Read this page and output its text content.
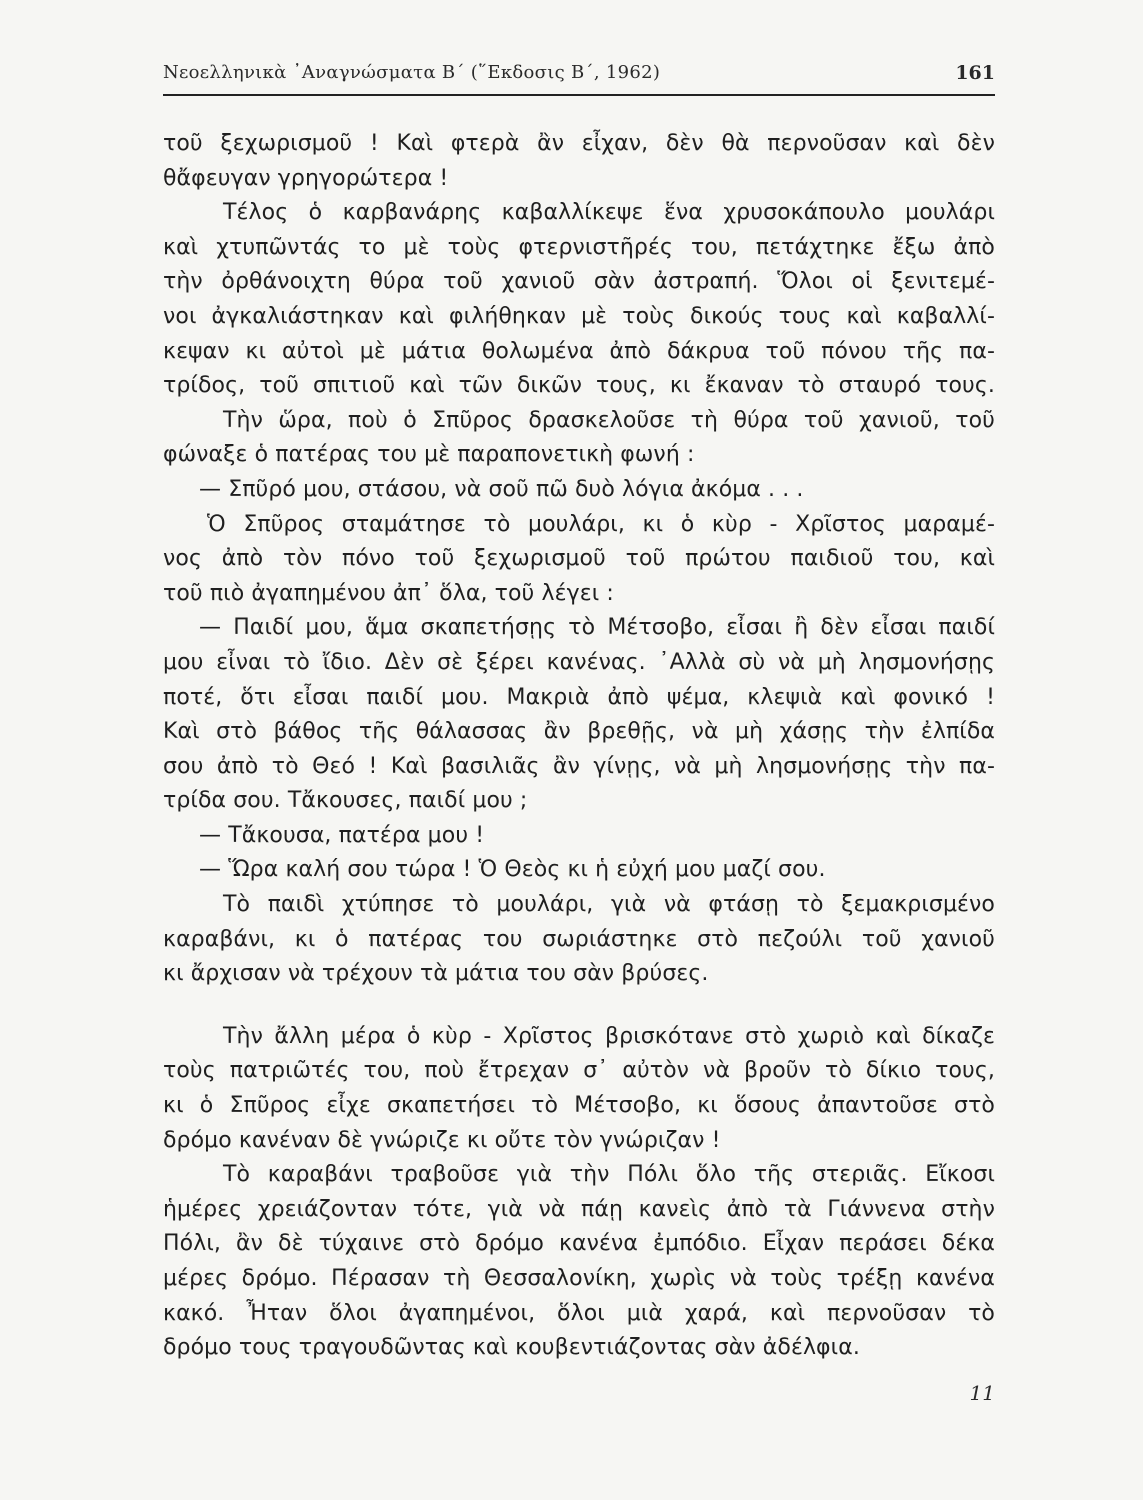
Νεοελληνικὰ ᾿Αναγνώσματα Β΄ (῞Εκδοσις Β΄, 1962)	161
τοῦ ξεχωρισμοῦ ! Καὶ φτερὰ ἂν εἶχαν, δὲν θὰ περνοῦσαν καὶ δὲν
θἄφευγαν γρηγορώτερα !
Τέλος ὁ καρβανάρης καβαλλίκεψε ἕνα χρυσοκάπουλο μουλάρι
καὶ χτυπῶντάς το μὲ τοὺς φτερνιστῆρές του, πετάχτηκε ἔξω ἀπὸ
τὴν ὀρθάνοιχτη θύρα τοῦ χανιοῦ σὰν ἀστραπή. Ὅλοι οἱ ξενιτεμέ-
νοι ἀγκαλιάστηκαν καὶ φιλήθηκαν μὲ τοὺς δικούς τους καὶ καβαλλί-
κεψαν κι αὐτοὶ μὲ μάτια θολωμένα ἀπὸ δάκρυα τοῦ πόνου τῆς πα-
τρίδος, τοῦ σπιτιοῦ καὶ τῶν δικῶν τους, κι ἔκαναν τὸ σταυρό τους.
Τὴν ὥρα, ποὺ ὁ Σπῦρος δρασκελοῦσε τὴ θύρα τοῦ χανιοῦ, τοῦ
φώναξε ὁ πατέρας του μὲ παραπονετικὴ φωνή :
— Σπῦρό μου, στάσου, νὰ σοῦ πῶ δυὸ λόγια ἀκόμα . . .
Ὁ Σπῦρος σταμάτησε τὸ μουλάρι, κι ὁ κὺρ - Χρῖστος μαραμέ-
νος ἀπὸ τὸν πόνο τοῦ ξεχωρισμοῦ τοῦ πρώτου παιδιοῦ του, καὶ
τοῦ πιὸ ἀγαπημένου ἀπ᾿ ὅλα, τοῦ λέγει :
— Παιδί μου, ἅμα σκαπετήσῃς τὸ Μέτσοβο, εἶσαι ἢ δὲν εἶσαι παιδί
μου εἶναι τὸ ἴδιο. Δὲν σὲ ξέρει κανένας. ᾿Αλλὰ σὺ νὰ μὴ λησμονήσῃς
ποτέ, ὅτι εἶσαι παιδί μου. Μακριὰ ἀπὸ ψέμα, κλεψιὰ καὶ φονικό !
Καὶ στὸ βάθος τῆς θάλασσας ἂν βρεθῇς, νὰ μὴ χάσῃς τὴν ἐλπίδα
σου ἀπὸ τὸ Θεό ! Καὶ βασιλιᾶς ἂν γίνῃς, νὰ μὴ λησμονήσῃς τὴν πα-
τρίδα σου. Τἄκουσες, παιδί μου ;
— Τἄκουσα, πατέρα μου !
— Ὥρα καλή σου τώρα ! Ὁ Θεὸς κι ἡ εὐχή μου μαζί σου.
Τὸ παιδὶ χτύπησε τὸ μουλάρι, γιὰ νὰ φτάσῃ τὸ ξεμακρισμένο
καραβάνι, κι ὁ πατέρας του σωριάστηκε στὸ πεζούλι τοῦ χανιοῦ
κι ἄρχισαν νὰ τρέχουν τὰ μάτια του σὰν βρύσες.
Τὴν ἄλλη μέρα ὁ κὺρ - Χρῖστος βρισκότανε στὸ χωριὸ καὶ δίκαζε
τοὺς πατριῶτές του, ποὺ ἔτρεχαν σ᾿ αὐτὸν νὰ βροῦν τὸ δίκιο τους,
κι ὁ Σπῦρος εἶχε σκαπετήσει τὸ Μέτσοβο, κι ὅσους ἀπαντοῦσε στὸ
δρόμο κανέναν δὲ γνώριζε κι οὔτε τὸν γνώριζαν !
Τὸ καραβάνι τραβοῦσε γιὰ τὴν Πόλι ὅλο τῆς στεριᾶς. Εἴκοσι
ἡμέρες χρειάζονταν τότε, γιὰ νὰ πάῃ κανεὶς ἀπὸ τὰ Γιάννενα στὴν
Πόλι, ἂν δὲ τύχαινε στὸ δρόμο κανένα ἐμπόδιο. Εἶχαν περάσει δέκα
μέρες δρόμο. Πέρασαν τὴ Θεσσαλονίκη, χωρὶς νὰ τοὺς τρέξῃ κανένα
κακό. Ἦταν ὅλοι ἀγαπημένοι, ὅλοι μιὰ χαρά, καὶ περνοῦσαν τὸ
δρόμο τους τραγουδῶντας καὶ κουβεντιάζοντας σὰν ἀδέλφια.
11
